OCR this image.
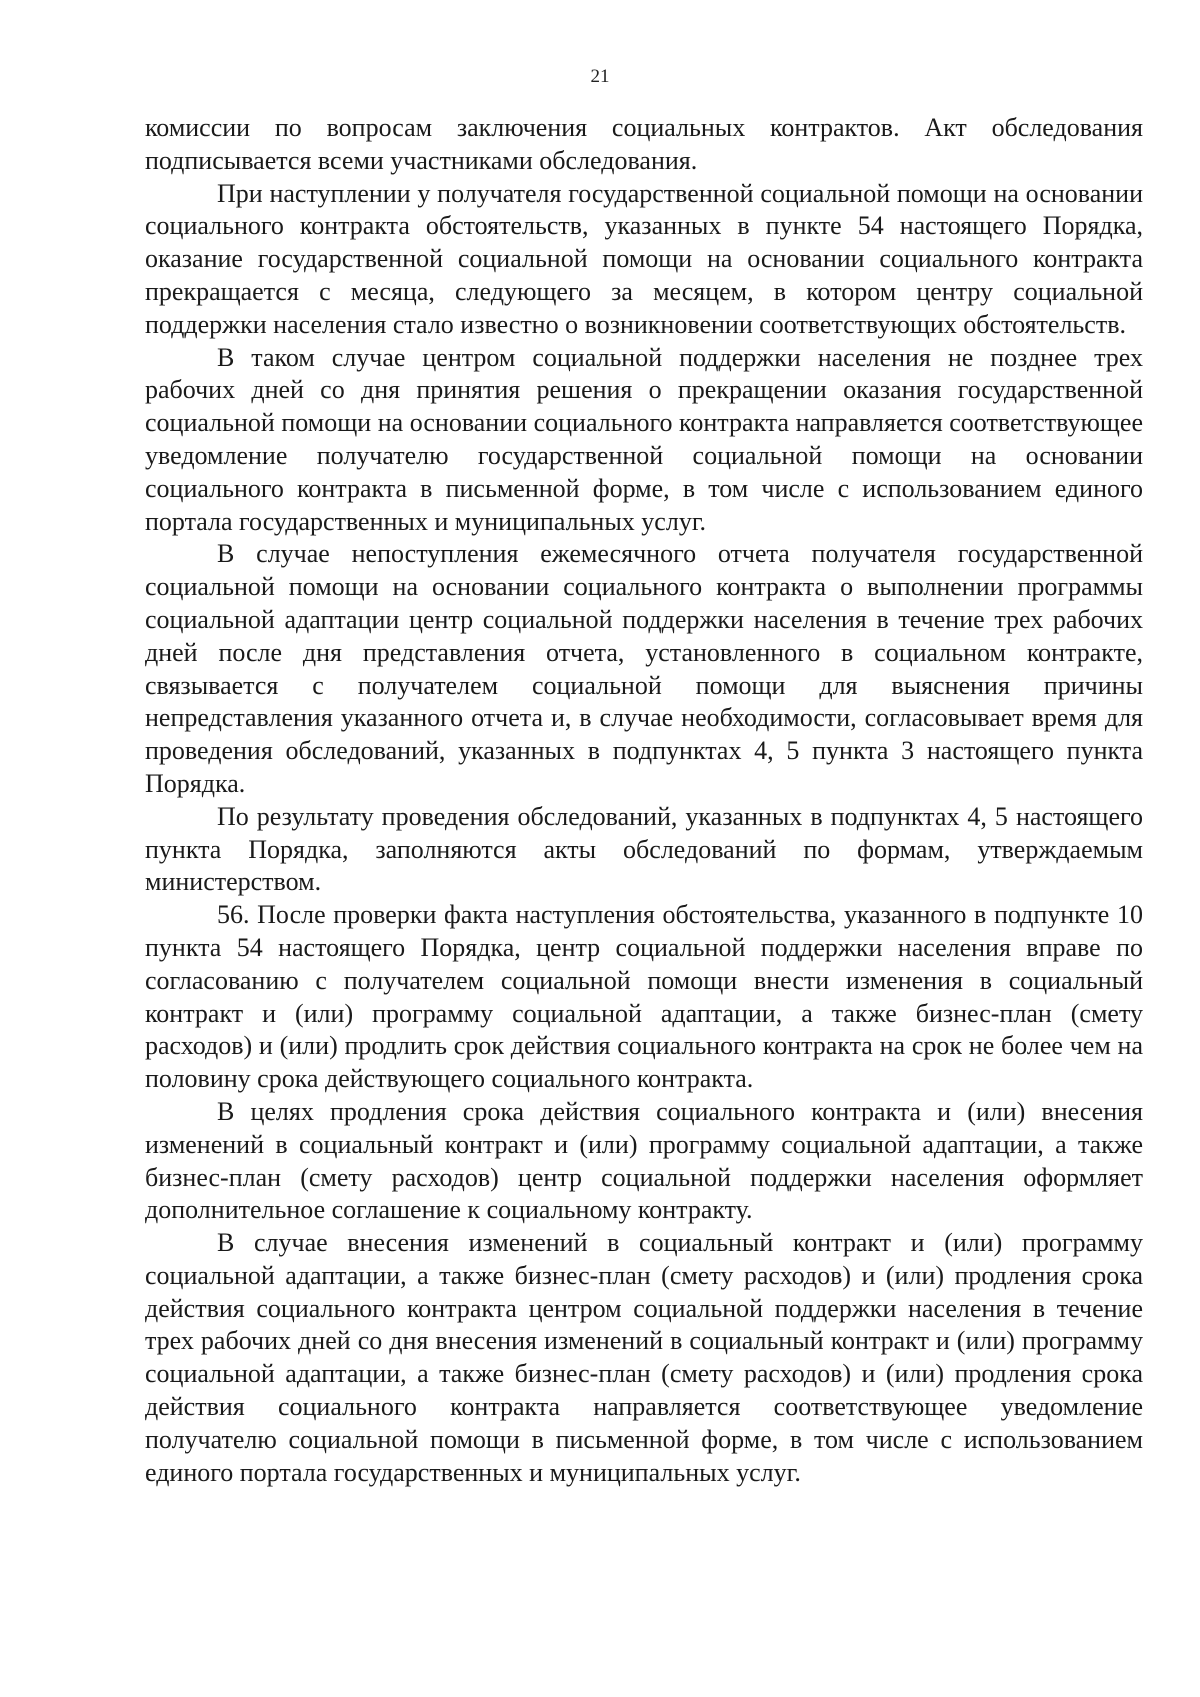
21

комиссии по вопросам заключения социальных контрактов. Акт обследования подписывается всеми участниками обследования.

При наступлении у получателя государственной социальной помощи на основании социального контракта обстоятельств, указанных в пункте 54 настоящего Порядка, оказание государственной социальной помощи на основании социального контракта прекращается с месяца, следующего за месяцем, в котором центру социальной поддержки населения стало известно о возникновении соответствующих обстоятельств.

В таком случае центром социальной поддержки населения не позднее трех рабочих дней со дня принятия решения о прекращении оказания государственной социальной помощи на основании социального контракта направляется соответствующее уведомление получателю государственной социальной помощи на основании социального контракта в письменной форме, в том числе с использованием единого портала государственных и муниципальных услуг.

В случае непоступления ежемесячного отчета получателя государственной социальной помощи на основании социального контракта о выполнении программы социальной адаптации центр социальной поддержки населения в течение трех рабочих дней после дня представления отчета, установленного в социальном контракте, связывается с получателем социальной помощи для выяснения причины непредставления указанного отчета и, в случае необходимости, согласовывает время для проведения обследований, указанных в подпунктах 4, 5 пункта 3 настоящего пункта Порядка.

По результату проведения обследований, указанных в подпунктах 4, 5 настоящего пункта Порядка, заполняются акты обследований по формам, утверждаемым министерством.

56. После проверки факта наступления обстоятельства, указанного в подпункте 10 пункта 54 настоящего Порядка, центр социальной поддержки населения вправе по согласованию с получателем социальной помощи внести изменения в социальный контракт и (или) программу социальной адаптации, а также бизнес-план (смету расходов) и (или) продлить срок действия социального контракта на срок не более чем на половину срока действующего социального контракта.

В целях продления срока действия социального контракта и (или) внесения изменений в социальный контракт и (или) программу социальной адаптации, а также бизнес-план (смету расходов) центр социальной поддержки населения оформляет дополнительное соглашение к социальному контракту.

В случае внесения изменений в социальный контракт и (или) программу социальной адаптации, а также бизнес-план (смету расходов) и (или) продления срока действия социального контракта центром социальной поддержки населения в течение трех рабочих дней со дня внесения изменений в социальный контракт и (или) программу социальной адаптации, а также бизнес-план (смету расходов) и (или) продления срока действия социального контракта направляется соответствующее уведомление получателю социальной помощи в письменной форме, в том числе с использованием единого портала государственных и муниципальных услуг.
